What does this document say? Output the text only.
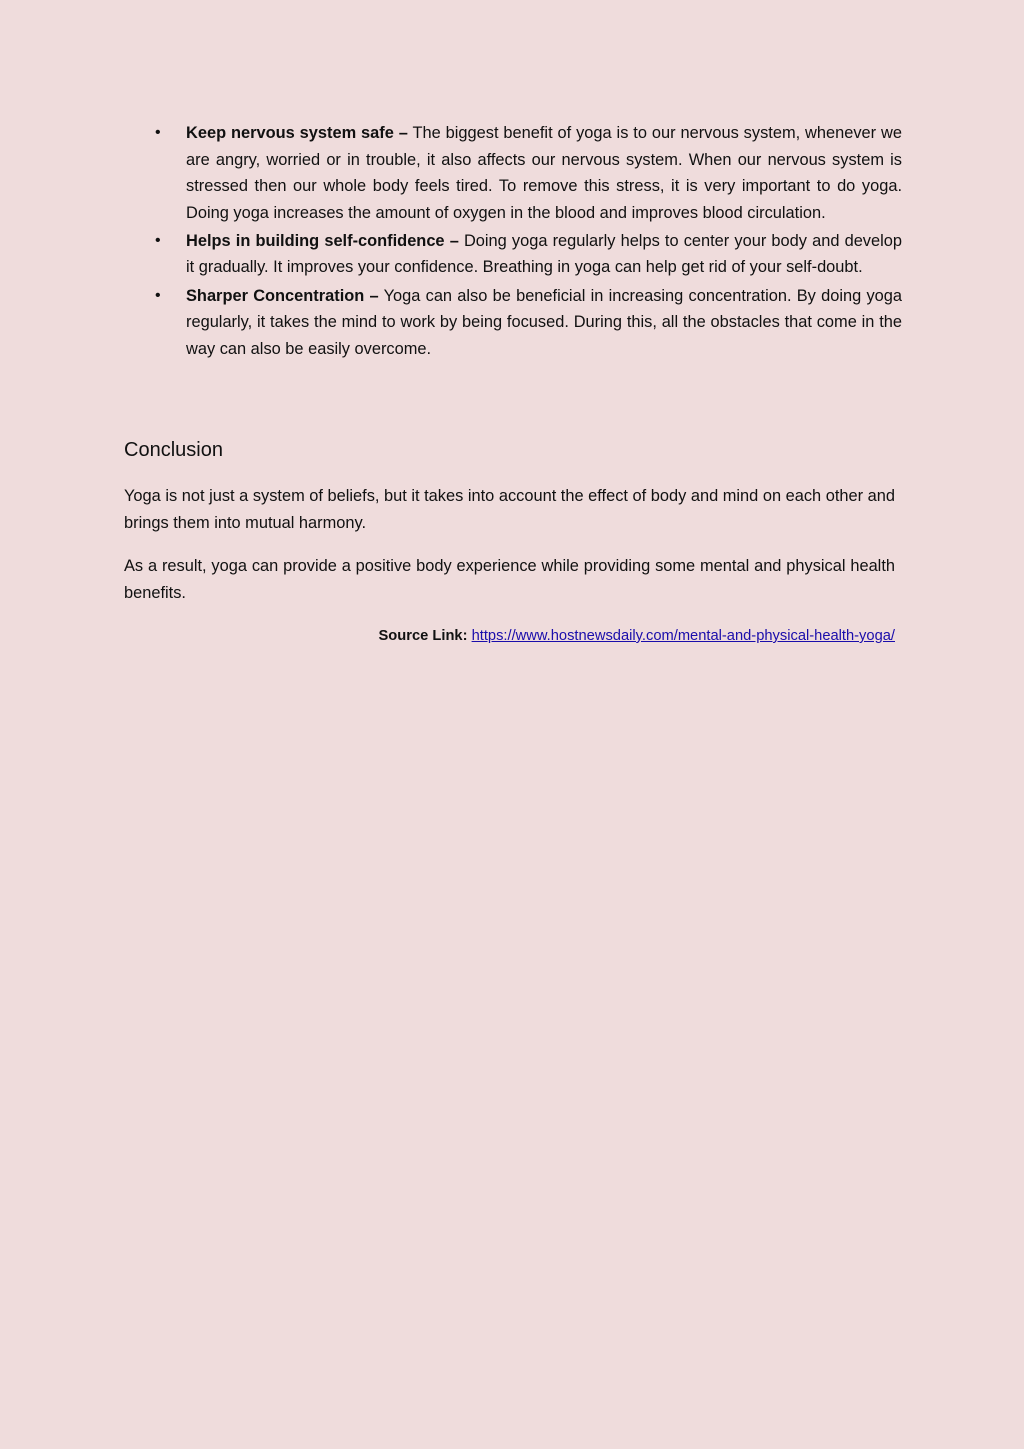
• Keep nervous system safe – The biggest benefit of yoga is to our nervous system, whenever we are angry, worried or in trouble, it also affects our nervous system. When our nervous system is stressed then our whole body feels tired. To remove this stress, it is very important to do yoga. Doing yoga increases the amount of oxygen in the blood and improves blood circulation.
• Helps in building self-confidence – Doing yoga regularly helps to center your body and develop it gradually. It improves your confidence. Breathing in yoga can help get rid of your self-doubt.
• Sharper Concentration – Yoga can also be beneficial in increasing concentration. By doing yoga regularly, it takes the mind to work by being focused. During this, all the obstacles that come in the way can also be easily overcome.
Conclusion

Yoga is not just a system of beliefs, but it takes into account the effect of body and mind on each other and brings them into mutual harmony.

As a result, yoga can provide a positive body experience while providing some mental and physical health benefits.

Source Link: https://www.hostnewsdaily.com/mental-and-physical-health-yoga/
